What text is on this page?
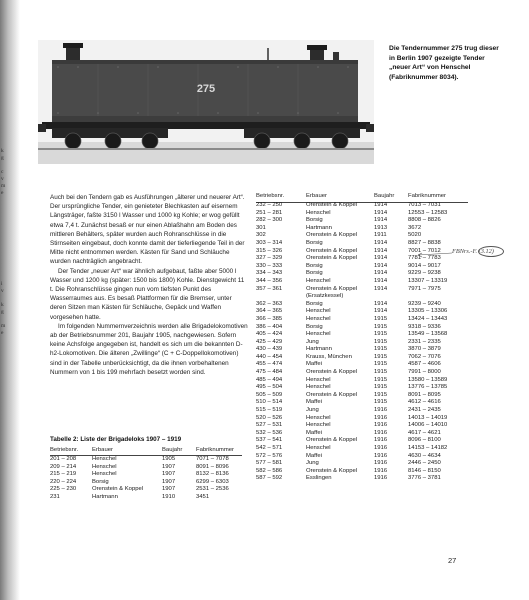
k
g
c
v
m
e
i
v
k
g
m
e
275
Die Tendernummer 275 trug dieser in Berlin 1907 gezeigte Tender „neuer Art“ von Henschel (Fabriknummer 8034).

Auch bei den Tendern gab es Ausführungen „älterer und neuerer Art“. Der ursprüngliche Tender, ein genieteter Blechkasten auf eisernem Längsträger, faßte 3150 l Wasser und 1000 kg Kohle; er wog gefüllt etwa 7,4 t. Zunächst besaß er nur einen Ablaßhahn am Boden des mittleren Behälters, später wurden auch Rohranschlüsse in die Stirnseiten eingebaut, doch konnte damit der tieferliegende Teil in der Mitte nicht entnommen werden. Kästen für Sand und Schläuche wurden nachträglich angebracht.

Der Tender „neuer Art“ war ähnlich aufgebaut, faßte aber 5000 l Wasser und 1200 kg (später: 1500 bis 1800) Kohle. Dienstgewicht 11 t. Die Rohranschlüsse gingen nun vom tiefsten Punkt des Wasserraumes aus. Es besaß Plattformen für die Bremser, unter deren Sitzen man Kästen für Schläuche, Gepäck und Waffen vorgesehen hatte.

Im folgenden Nummernverzeichnis werden alle Brigadelokomotiven ab der Betriebsnummer 201, Baujahr 1905, nachgewiesen. Sofern keine Achsfolge angegeben ist, handelt es sich um die bekannten D-h2-Lokomotiven. Die älteren „Zwillinge“ (C + C-Doppellokomotiven) sind in der Tabelle unberücksichtigt, da die ihnen vorbehaltenen Nummern von 1 bis 199 mehrfach besetzt worden sind.

Tabelle 2: Liste der Brigadeloks 1907 – 1919
Betriebsnr. Erbauer	Baujahr Fabriknummer
201 – 208	Henschel	1905	7071 – 7078
209 – 214	Henschel	1907	8091 – 8096
215 – 219	Henschel	1907	8132 – 8136
220 – 224	Borsig	1907	6299 – 6303
225 – 230	Orenstein & Koppel	1907	2531 – 2536
231	Hartmann	1910	3451
Betriebsnr.	Erbauer	Baujahr Fabriknummer
232 – 250	Orenstein & Koppel	1914	7013 – 7031
251 – 281	Henschel	1914	12553 – 12583
282 – 300	Borsig	1914	8808 – 8826
301	Hartmann	1913	3672
302	Orenstein & Koppel	1911	5020
303 – 314	Borsig	1914	8827 – 8838
315 – 326	Orenstein & Koppel	1914	7001 – 7012
327 – 329	Orenstein & Koppel	1914	7781 – 7783
330 – 333	Borsig	1914	9014 – 9017
334 – 343	Borsig	1914	9229 – 9238
344 – 356	Henschel	1914	13307 – 13319
357 – 361	Orenstein & Koppel	1914	7971 – 7975
(Ersatzkessel)
362 – 363	Borsig	1914	9239 – 9240
364 – 365	Henschel	1914	13305 – 13306
366 – 385	Henschel	1915	13424 – 13443
386 – 404	Borsig	1915	9318 – 9336
405 – 424	Henschel	1915	13549 – 13568
425 – 429	Jung	1915	2331 – 2335
430 – 439	Hartmann	1915	3870 – 3879
440 – 454	Krauss, München	1915	7062 – 7076
455 – 474	Maffei	1915	4587 – 4606
475 – 484	Orenstein & Koppel	1915	7991 – 8000
485 – 494	Henschel	1915	13580 – 13589
495 – 504	Henschel	1915	13776 – 13785
505 – 509	Orenstein & Koppel	1915	8091 – 8095
510 – 514	Maffei	1915	4612 – 4616
515 – 519	Jung	1916	2431 – 2435
520 – 526	Henschel	1916	14013 – 14019
527 – 531	Henschel	1916	14006 – 14010
532 – 536	Maffei	1916	4617 – 4621
537 – 541	Orenstein & Koppel	1916	8096 – 8100
542 – 571	Henschel	1916	14153 – 14182
572 – 576	Maffei	1916	4630 – 4634
577 – 581	Jung	1916	2446 – 2450
582 – 586	Orenstein & Koppel	1916	8146 – 8150
587 – 592	Esslingen	1916	3776 – 3781
FBNrs.-F. (3.12)
27
